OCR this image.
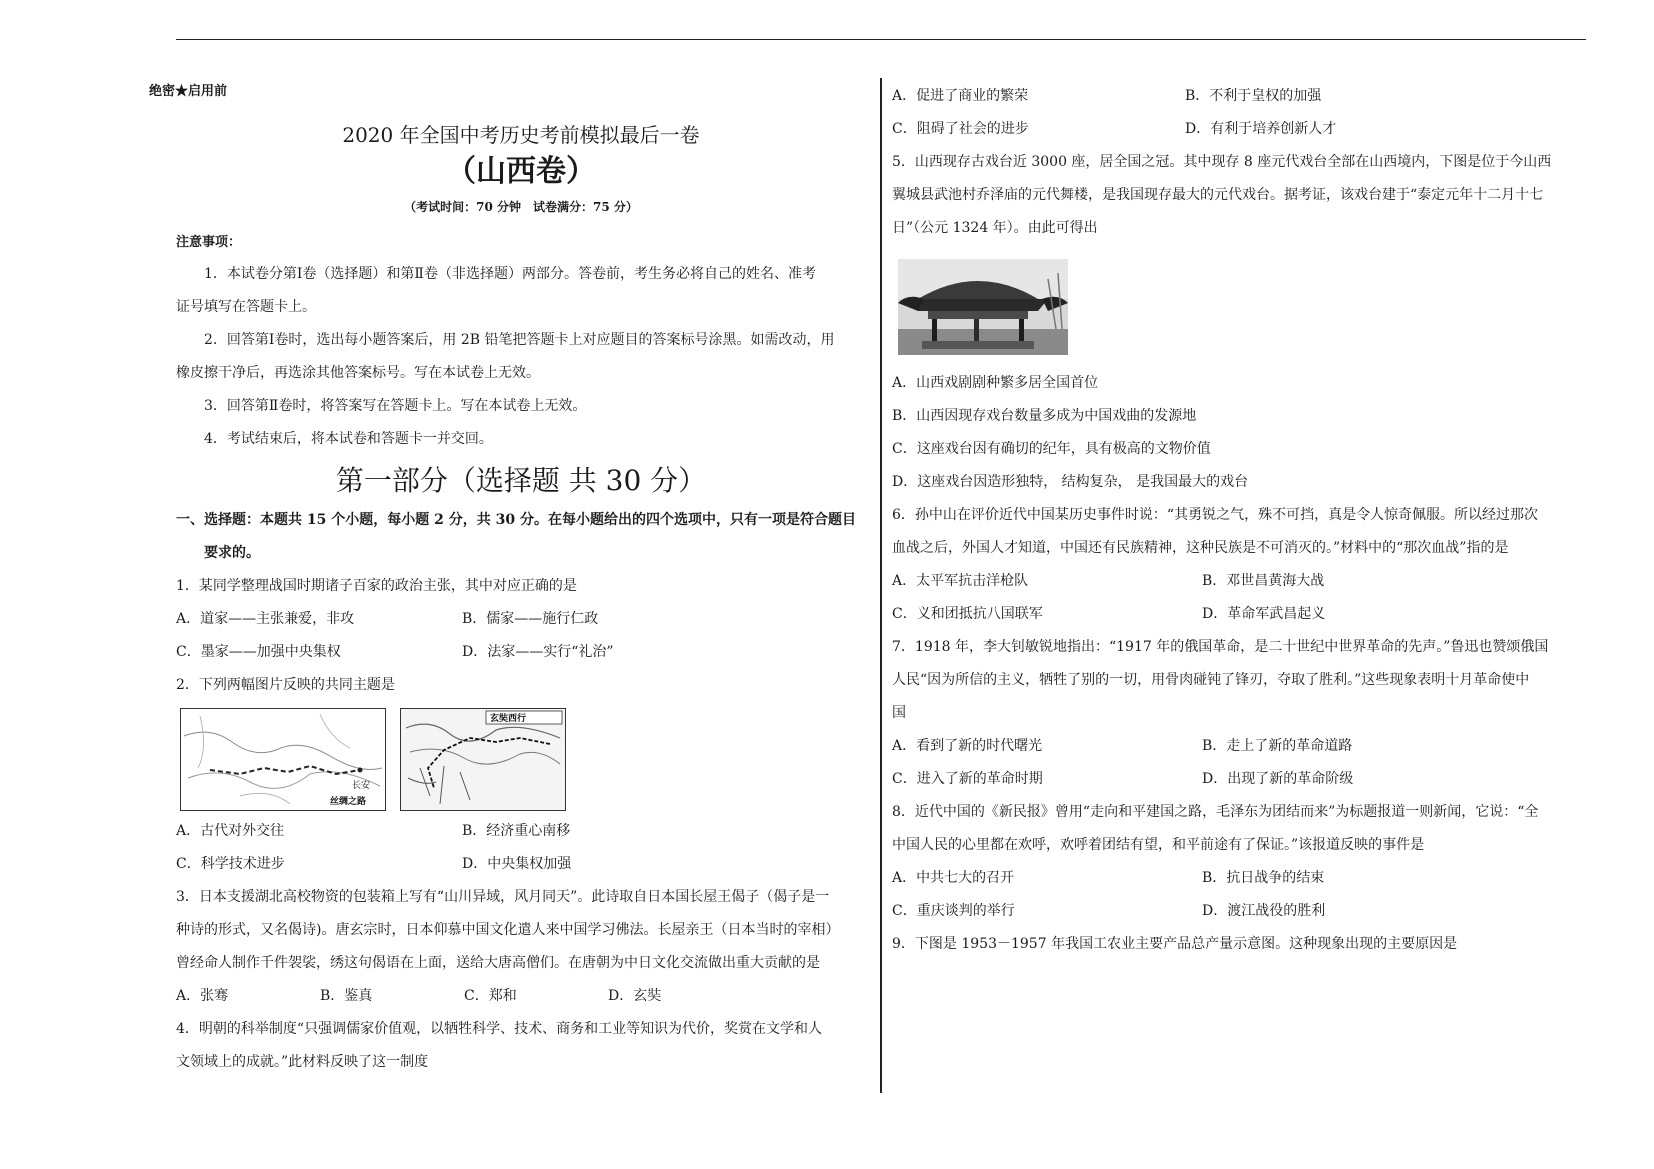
绝密★启用前
2020 年全国中考历史考前模拟最后一卷
（山西卷）
（考试时间：70 分钟　试卷满分：75 分）
注意事项：

1．本试卷分第Ⅰ卷（选择题）和第Ⅱ卷（非选择题）两部分。答卷前，考生务必将自己的姓名、准考

证号填写在答题卡上。

2．回答第Ⅰ卷时，选出每小题答案后，用 2B 铅笔把答题卡上对应题目的答案标号涂黑。如需改动，用

橡皮擦干净后，再选涂其他答案标号。写在本试卷上无效。

3．回答第Ⅱ卷时，将答案写在答题卡上。写在本试卷上无效。

4．考试结束后，将本试卷和答题卡一并交回。

第一部分（选择题 共 30 分）

一、选择题：本题共 15 个小题，每小题 2 分，共 30 分。在每小题给出的四个选项中，只有一项是符合题目

要求的。

1．某同学整理战国时期诸子百家的政治主张，其中对应正确的是

A．道家——主张兼爱，非攻	B．儒家——施行仁政
C．墨家——加强中央集权	D．法家——实行“礼治”

2．下列两幅图片反映的共同主题是

长安
丝绸之路
玄奘西行
A．古代对外交往	B．经济重心南移
C．科学技术进步	D．中央集权加强

3．日本支援湖北高校物资的包装箱上写有“山川异域，风月同天”。此诗取自日本国长屋王偈子（偈子是一

种诗的形式，又名偈诗)。唐玄宗时，日本仰慕中国文化遣人来中国学习佛法。长屋亲王（日本当时的宰相）

曾经命人制作千件袈裟，绣这句偈语在上面，送给大唐高僧们。在唐朝为中日文化交流做出重大贡献的是

A．张骞	B．鉴真	C．郑和	D．玄奘

4．明朝的科举制度“只强调儒家价值观，以牺牲科学、技术、商务和工业等知识为代价，奖赏在文学和人

文领域上的成就。”此材料反映了这一制度

A．促进了商业的繁荣	B．不利于皇权的加强
C．阻碍了社会的进步	D．有利于培养创新人才

5．山西现存古戏台近 3000 座，居全国之冠。其中现存 8 座元代戏台全部在山西境内，下图是位于今山西

翼城县武池村乔泽庙的元代舞楼，是我国现存最大的元代戏台。据考证，该戏台建于“泰定元年十二月十七

日”（公元 1324 年）。由此可得出

A．山西戏剧剧种繁多居全国首位

B．山西因现存戏台数量多成为中国戏曲的发源地

C．这座戏台因有确切的纪年，具有极高的文物价值

D．这座戏台因造形独特， 结构复杂， 是我国最大的戏台

6．孙中山在评价近代中国某历史事件时说：“其勇锐之气，殊不可挡，真是令人惊奇佩服。所以经过那次

血战之后，外国人才知道，中国还有民族精神，这种民族是不可消灭的。”材料中的“那次血战”指的是

A．太平军抗击洋枪队	B．邓世昌黄海大战
C．义和团抵抗八国联军	D．革命军武昌起义

7．1918 年，李大钊敏锐地指出：“1917 年的俄国革命，是二十世纪中世界革命的先声。”鲁迅也赞颂俄国

人民“因为所信的主义，牺牲了别的一切，用骨肉碰钝了锋刃，夺取了胜利。”这些现象表明十月革命使中

国

A．看到了新的时代曙光	B．走上了新的革命道路
C．进入了新的革命时期	D．出现了新的革命阶级

8．近代中国的《新民报》曾用“走向和平建国之路，毛泽东为团结而来”为标题报道一则新闻，它说：“全

中国人民的心里都在欢呼，欢呼着团结有望，和平前途有了保证。”该报道反映的事件是

A．中共七大的召开	B．抗日战争的结束
C．重庆谈判的举行	D．渡江战役的胜利

9．下图是 1953－1957 年我国工农业主要产品总产量示意图。这种现象出现的主要原因是
